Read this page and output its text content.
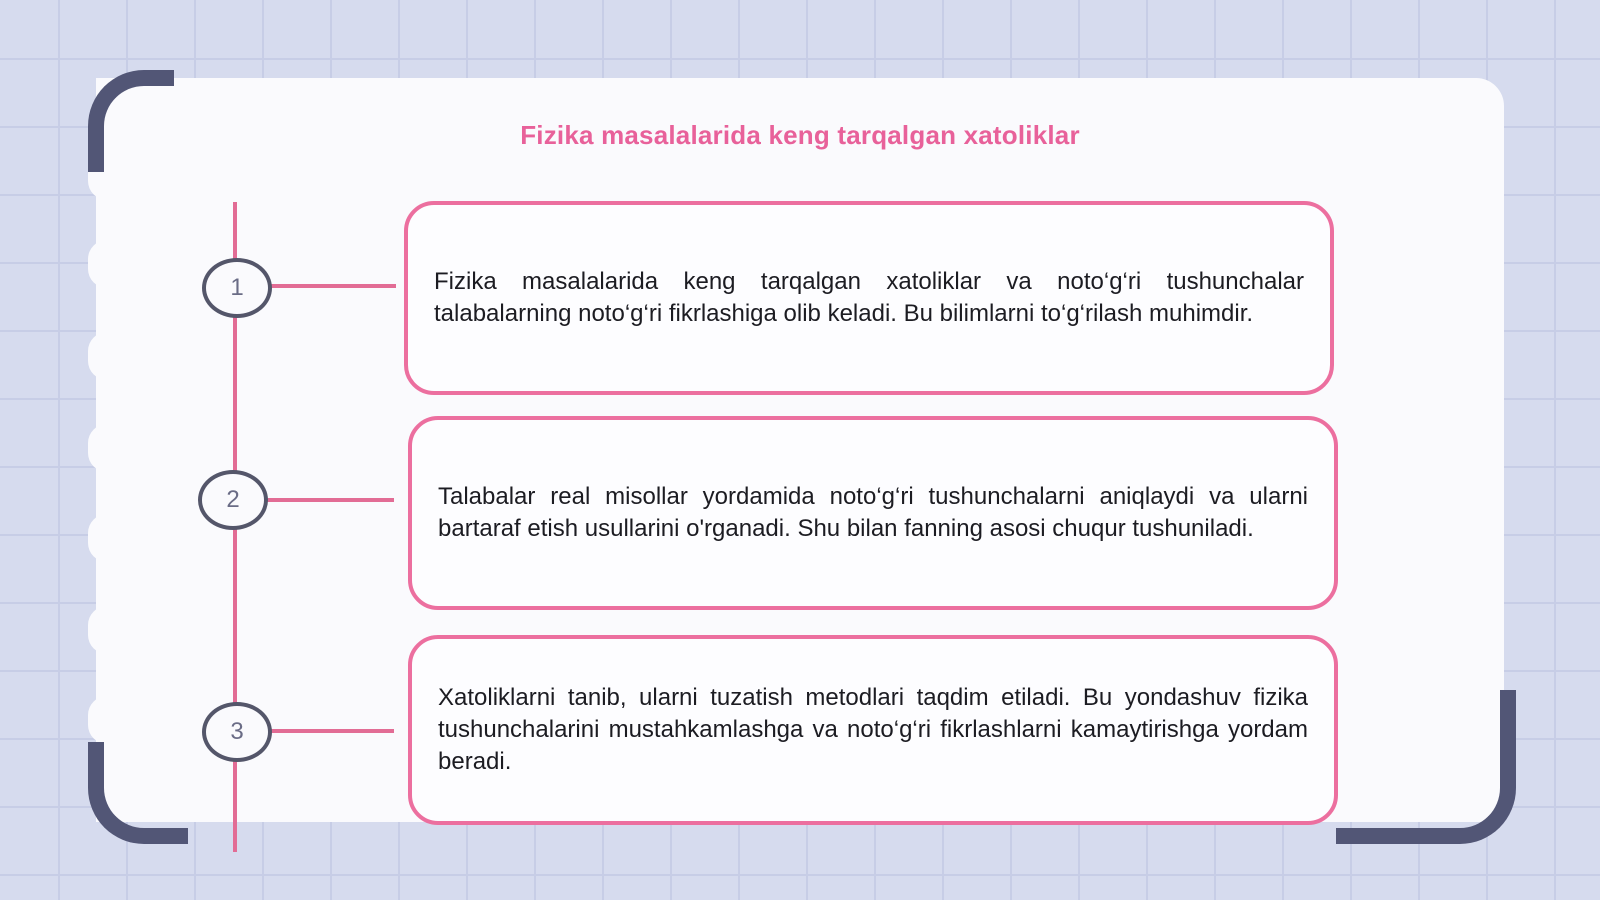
Fizika masalalarida keng tarqalgan xatoliklar
1	Fizika masalalarida keng tarqalgan xatoliklar va noto‘g‘ri tushunchalar talabalarning noto‘g‘ri fikrlashiga olib keladi. Bu bilimlarni to‘g‘rilash muhimdir.

2	Talabalar real misollar yordamida noto‘g‘ri tushunchalarni aniqlaydi va ularni bartaraf etish usullarini o'rganadi. Shu bilan fanning asosi chuqur tushuniladi.

3

Xatoliklarni tanib, ularni tuzatish metodlari taqdim etiladi. Bu yondashuv fizika tushunchalarini mustahkamlashga va noto‘g‘ri fikrlashlarni kamaytirishga yordam beradi.
